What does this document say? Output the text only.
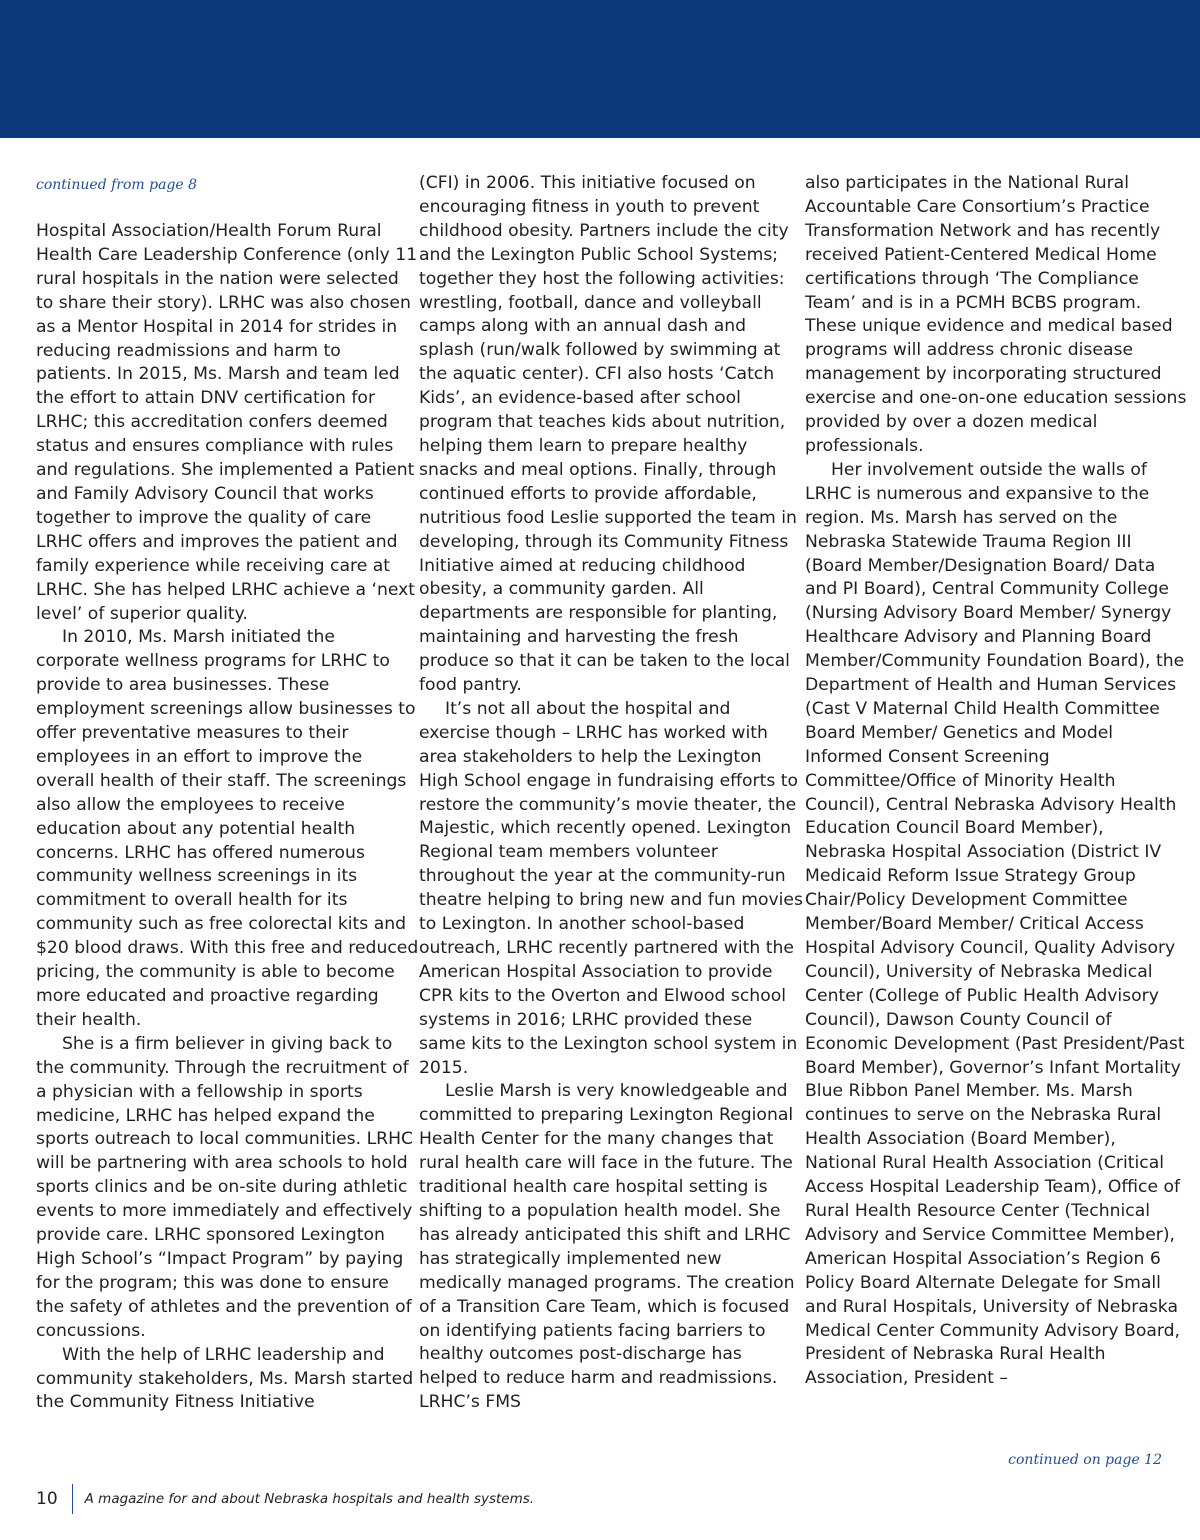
continued from page 8

Hospital Association/Health Forum Rural Health Care Leadership Conference (only 11 rural hospitals in the nation were selected to share their story). LRHC was also chosen as a Mentor Hospital in 2014 for strides in reducing readmissions and harm to patients. In 2015, Ms. Marsh and team led the effort to attain DNV certification for LRHC; this accreditation confers deemed status and ensures compliance with rules and regulations. She implemented a Patient and Family Advisory Council that works together to improve the quality of care LRHC offers and improves the patient and family experience while receiving care at LRHC. She has helped LRHC achieve a ‘next level’ of superior quality.

In 2010, Ms. Marsh initiated the corporate wellness programs for LRHC to provide to area businesses. These employment screenings allow businesses to offer preventative measures to their employees in an effort to improve the overall health of their staff. The screenings also allow the employees to receive education about any potential health concerns. LRHC has offered numerous community wellness screenings in its commitment to overall health for its community such as free colorectal kits and $20 blood draws. With this free and reduced pricing, the community is able to become more educated and proactive regarding their health.

She is a firm believer in giving back to the community. Through the recruitment of a physician with a fellowship in sports medicine, LRHC has helped expand the sports outreach to local communities. LRHC will be partnering with area schools to hold sports clinics and be on-site during athletic events to more immediately and effectively provide care. LRHC sponsored Lexington High School’s “Impact Program” by paying for the program; this was done to ensure the safety of athletes and the prevention of concussions.

With the help of LRHC leadership and community stakeholders, Ms. Marsh started the Community Fitness Initiative

(CFI) in 2006. This initiative focused on encouraging fitness in youth to prevent childhood obesity. Partners include the city and the Lexington Public School Systems; together they host the following activities: wrestling, football, dance and volleyball camps along with an annual dash and splash (run/walk followed by swimming at the aquatic center). CFI also hosts ‘Catch Kids’, an evidence-based after school program that teaches kids about nutrition, helping them learn to prepare healthy snacks and meal options. Finally, through continued efforts to provide affordable, nutritious food Leslie supported the team in developing, through its Community Fitness Initiative aimed at reducing childhood obesity, a community garden. All departments are responsible for planting, maintaining and harvesting the fresh produce so that it can be taken to the local food pantry.

It’s not all about the hospital and exercise though – LRHC has worked with area stakeholders to help the Lexington High School engage in fundraising efforts to restore the community’s movie theater, the Majestic, which recently opened. Lexington Regional team members volunteer throughout the year at the community-run theatre helping to bring new and fun movies to Lexington. In another school-based outreach, LRHC recently partnered with the American Hospital Association to provide CPR kits to the Overton and Elwood school systems in 2016; LRHC provided these same kits to the Lexington school system in 2015.

Leslie Marsh is very knowledgeable and committed to preparing Lexington Regional Health Center for the many changes that rural health care will face in the future. The traditional health care hospital setting is shifting to a population health model. She has already anticipated this shift and LRHC has strategically implemented new medically managed programs. The creation of a Transition Care Team, which is focused on identifying patients facing barriers to healthy outcomes post-discharge has helped to reduce harm and readmissions. LRHC’s FMS

also participates in the National Rural Accountable Care Consortium’s Practice Transformation Network and has recently received Patient-Centered Medical Home certifications through ‘The Compliance Team’ and is in a PCMH BCBS program. These unique evidence and medical based programs will address chronic disease management by incorporating structured exercise and one-on-one education sessions provided by over a dozen medical professionals.

Her involvement outside the walls of LRHC is numerous and expansive to the region. Ms. Marsh has served on the Nebraska Statewide Trauma Region III (Board Member/Designation Board/ Data and PI Board), Central Community College (Nursing Advisory Board Member/ Synergy Healthcare Advisory and Planning Board Member/Community Foundation Board), the Department of Health and Human Services (Cast V Maternal Child Health Committee Board Member/ Genetics and Model Informed Consent Screening Committee/Office of Minority Health Council), Central Nebraska Advisory Health Education Council Board Member), Nebraska Hospital Association (District IV Medicaid Reform Issue Strategy Group Chair/Policy Development Committee Member/Board Member/ Critical Access Hospital Advisory Council, Quality Advisory Council), University of Nebraska Medical Center (College of Public Health Advisory Council), Dawson County Council of Economic Development (Past President/Past Board Member), Governor’s Infant Mortality Blue Ribbon Panel Member. Ms. Marsh continues to serve on the Nebraska Rural Health Association (Board Member), National Rural Health Association (Critical Access Hospital Leadership Team), Office of Rural Health Resource Center (Technical Advisory and Service Committee Member), American Hospital Association’s Region 6 Policy Board Alternate Delegate for Small and Rural Hospitals, University of Nebraska Medical Center Community Advisory Board, President of Nebraska Rural Health Association, President –

continued on page 12
10 A magazine for and about Nebraska hospitals and health systems.
